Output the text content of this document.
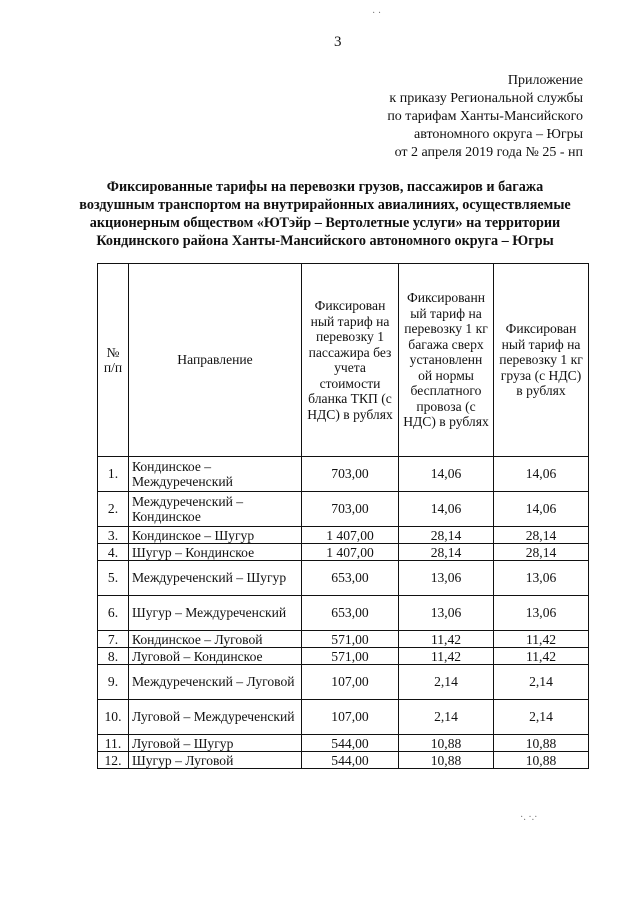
3
Приложение
к приказу Региональной службы
по тарифам Ханты-Мансийского
автономного округа – Югры
от 2 апреля 2019 года № 25 - нп
Фиксированные тарифы на перевозки грузов, пассажиров и багажа
воздушным транспортом на внутрирайонных авиалиниях, осуществляемые
акционерным обществом «ЮТэйр – Вертолетные услуги» на территории
Кондинского района Ханты-Мансийского автономного округа – Югры
№ п/п	Направление	Фиксирован ный тариф на перевозку 1 пассажира без учета стоимости бланка ТКП (с НДС) в рублях	Фиксированн ый тариф на перевозку 1 кг багажа сверх установленн ой нормы бесплатного провоза (с НДС) в рублях	Фиксирован ный тариф на перевозку 1 кг груза (с НДС) в рублях
1.	Кондинское – Междуреченский	703,00	14,06	14,06
2.	Междуреченский – Кондинское	703,00	14,06	14,06
3.	Кондинское – Шугур	1 407,00	28,14	28,14
4.	Шугур – Кондинское	1 407,00	28,14	28,14
5.	Междуреченский – Шугур	653,00	13,06	13,06
6.	Шугур – Междуреченский	653,00	13,06	13,06
7.	Кондинское – Луговой	571,00	11,42	11,42
8.	Луговой – Кондинское	571,00	11,42	11,42
9.	Междуреченский – Луговой	107,00	2,14	2,14
10.	Луговой – Междуреченский	107,00	2,14	2,14
11.	Луговой – Шугур	544,00	10,88	10,88
12.	Шугур – Луговой	544,00	10,88	10,88
· ·
·. ·.·
